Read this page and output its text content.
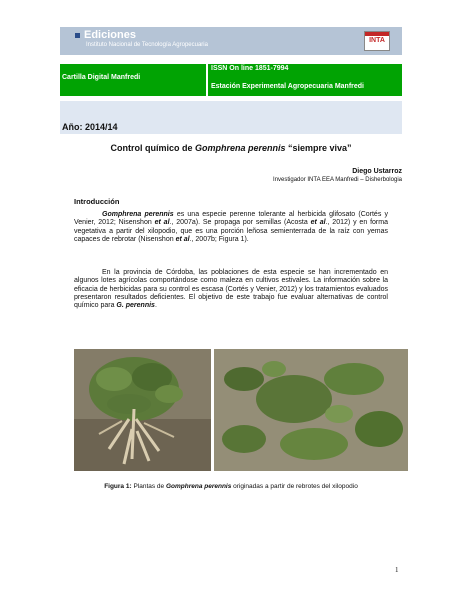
Ediciones
Instituto Nacional de Tecnología Agropecuaria
INTA
Cartilla Digital Manfredi
ISSN On line 1851-7994
Estación Experimental Agropecuaria Manfredi
Año: 2014/14
Control químico de Gomphrena perennis “siempre viva”
Diego Ustarroz
Investigador INTA EEA Manfredi – Disherbologia
Introducción
Gomphrena perennis es una especie perenne tolerante al herbicida glifosato (Cortés y Venier, 2012; Nisenshon et al., 2007a). Se propaga por semillas (Acosta et al., 2012) y en forma vegetativa a partir del xilopodio, que es una porción leñosa semienterrada de la raíz con yemas capaces de rebrotar (Nisenshon et al., 2007b; Figura 1).
En la provincia de Córdoba, las poblaciones de esta especie se han incrementado en algunos lotes agrícolas comportándose como maleza en cultivos estivales. La información sobre la eficacia de herbicidas para su control es escasa (Cortés y Venier, 2012) y los tratamientos evaluados presentaron resultados deficientes. El objetivo de este trabajo fue evaluar alternativas de control químico para G. perennis.
Figura 1: Plantas de Gomphrena perennis originadas a partir de rebrotes del xilopodio
1
